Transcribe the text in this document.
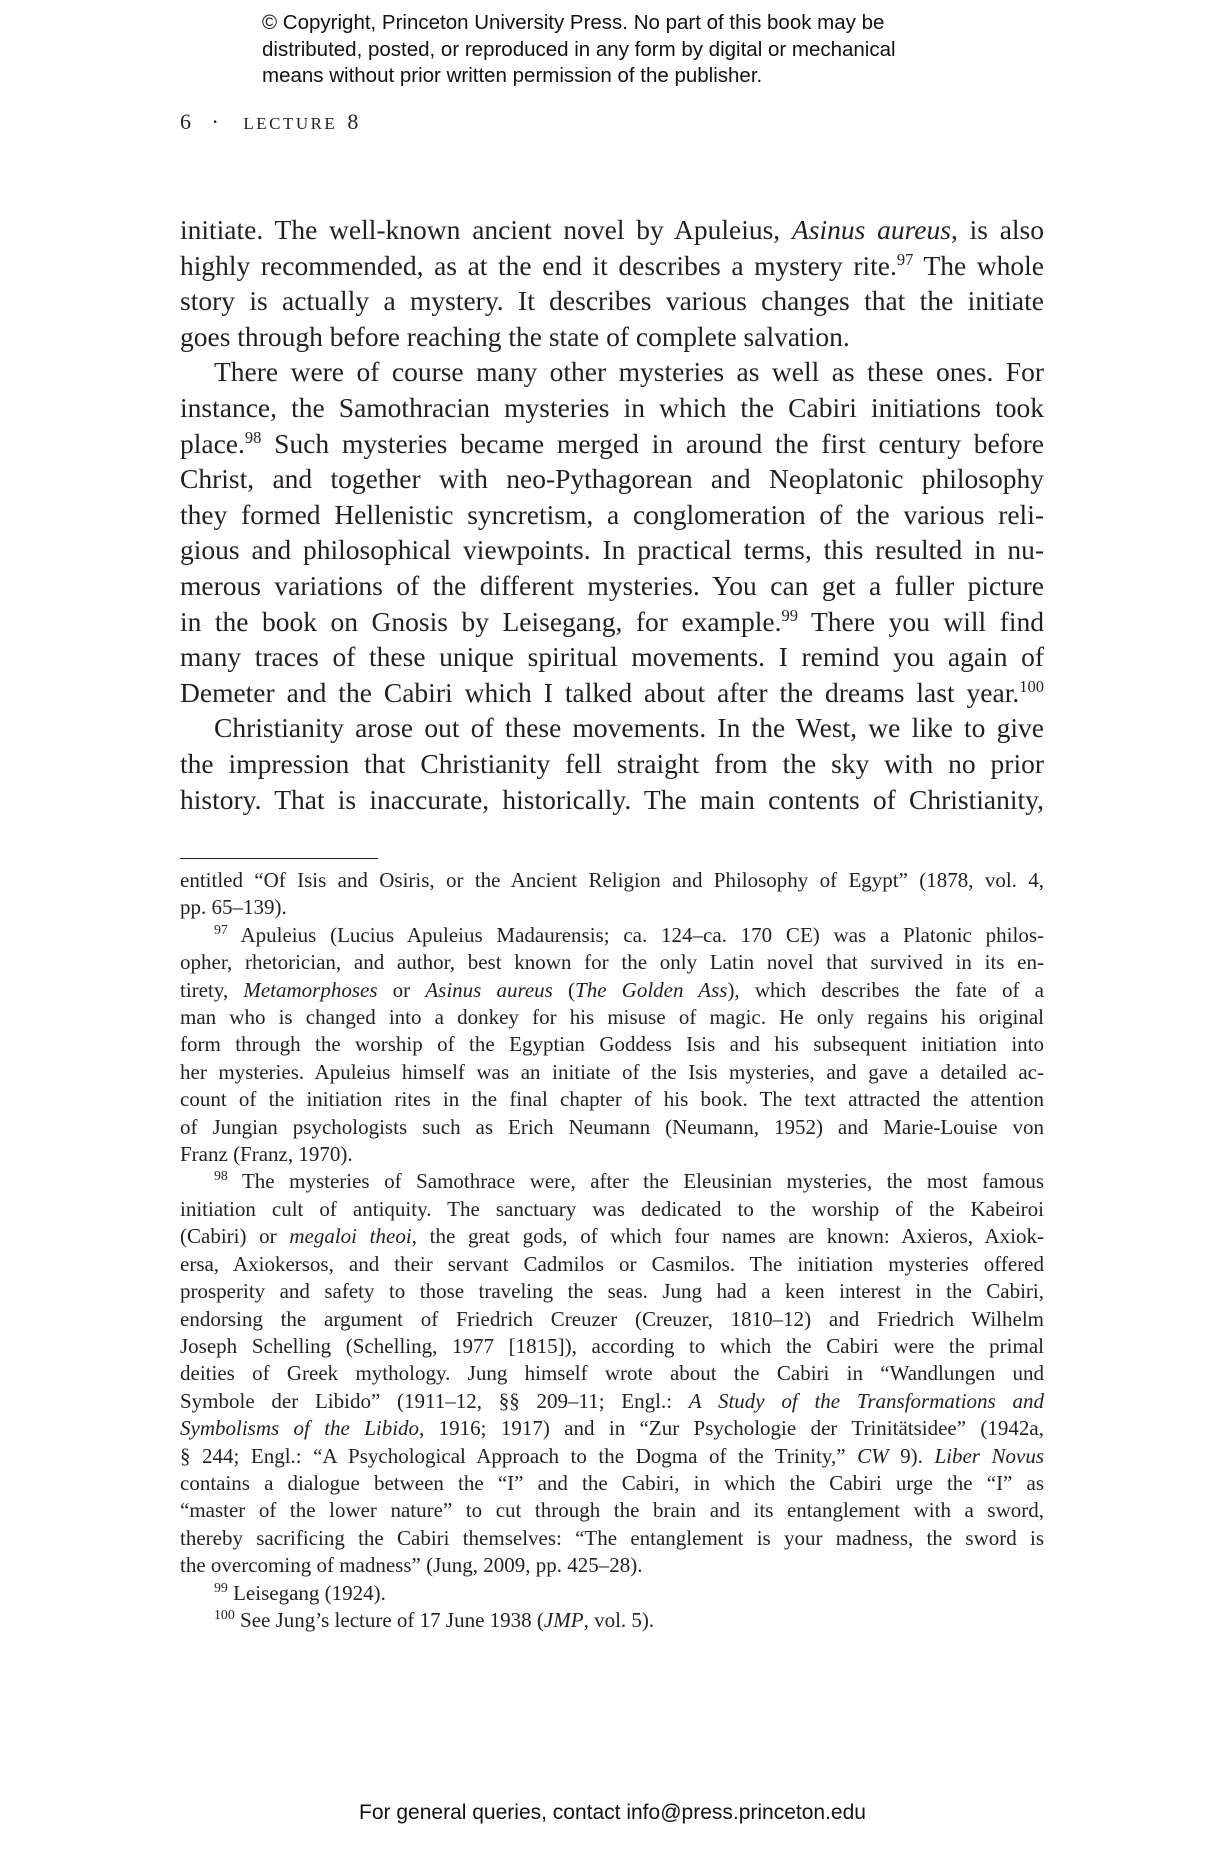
© Copyright, Princeton University Press. No part of this book may be
distributed, posted, or reproduced in any form by digital or mechanical
means without prior written permission of the publisher.
6 · LECTURE 8
initiate. The well-known ancient novel by Apuleius, Asinus aureus, is also
highly recommended, as at the end it describes a mystery rite.$^{97}$ The whole
story is actually a mystery. It describes various changes that the initiate
goes through before reaching the state of complete salvation.
There were of course many other mysteries as well as these ones. For
instance, the Samothracian mysteries in which the Cabiri initiations took
place.$^{98}$ Such mysteries became merged in around the first century before
Christ, and together with neo-Pythagorean and Neoplatonic philosophy
they formed Hellenistic syncretism, a conglomeration of the various reli-
gious and philosophical viewpoints. In practical terms, this resulted in nu-
merous variations of the different mysteries. You can get a fuller picture
in the book on Gnosis by Leisegang, for example.$^{99}$ There you will find
many traces of these unique spiritual movements. I remind you again of
Demeter and the Cabiri which I talked about after the dreams last year.$^{100}$
Christianity arose out of these movements. In the West, we like to give
the impression that Christianity fell straight from the sky with no prior
history. That is inaccurate, historically. The main contents of Christianity,
entitled “Of Isis and Osiris, or the Ancient Religion and Philosophy of Egypt” (1878, vol. 4,
pp. 65–139).
$^{97}$ Apuleius (Lucius Apuleius Madaurensis; ca. 124–ca. 170 CE) was a Platonic philos-
opher, rhetorician, and author, best known for the only Latin novel that survived in its en-
tirety, Metamorphoses or Asinus aureus (The Golden Ass), which describes the fate of a
man who is changed into a donkey for his misuse of magic. He only regains his original
form through the worship of the Egyptian Goddess Isis and his subsequent initiation into
her mysteries. Apuleius himself was an initiate of the Isis mysteries, and gave a detailed ac-
count of the initiation rites in the final chapter of his book. The text attracted the attention
of Jungian psychologists such as Erich Neumann (Neumann, 1952) and Marie-Louise von
Franz (Franz, 1970).
$^{98}$ The mysteries of Samothrace were, after the Eleusinian mysteries, the most famous
initiation cult of antiquity. The sanctuary was dedicated to the worship of the Kabeiroi
(Cabiri) or megaloi theoi, the great gods, of which four names are known: Axieros, Axiok-
ersa, Axiokersos, and their servant Cadmilos or Casmilos. The initiation mysteries offered
prosperity and safety to those traveling the seas. Jung had a keen interest in the Cabiri,
endorsing the argument of Friedrich Creuzer (Creuzer, 1810–12) and Friedrich Wilhelm
Joseph Schelling (Schelling, 1977 [1815]), according to which the Cabiri were the primal
deities of Greek mythology. Jung himself wrote about the Cabiri in “Wandlungen und
Symbole der Libido” (1911–12, §§ 209–11; Engl.: A Study of the Transformations and
Symbolisms of the Libido, 1916; 1917) and in “Zur Psychologie der Trinitätsidee” (1942a,
§ 244; Engl.: “A Psychological Approach to the Dogma of the Trinity,” CW 9). Liber Novus
contains a dialogue between the “I” and the Cabiri, in which the Cabiri urge the “I” as
“master of the lower nature” to cut through the brain and its entanglement with a sword,
thereby sacrificing the Cabiri themselves: “The entanglement is your madness, the sword is
the overcoming of madness” (Jung, 2009, pp. 425–28).
$^{99}$ Leisegang (1924).
$^{100}$ See Jung’s lecture of 17 June 1938 (JMP, vol. 5).
For general queries, contact info@press.princeton.edu
